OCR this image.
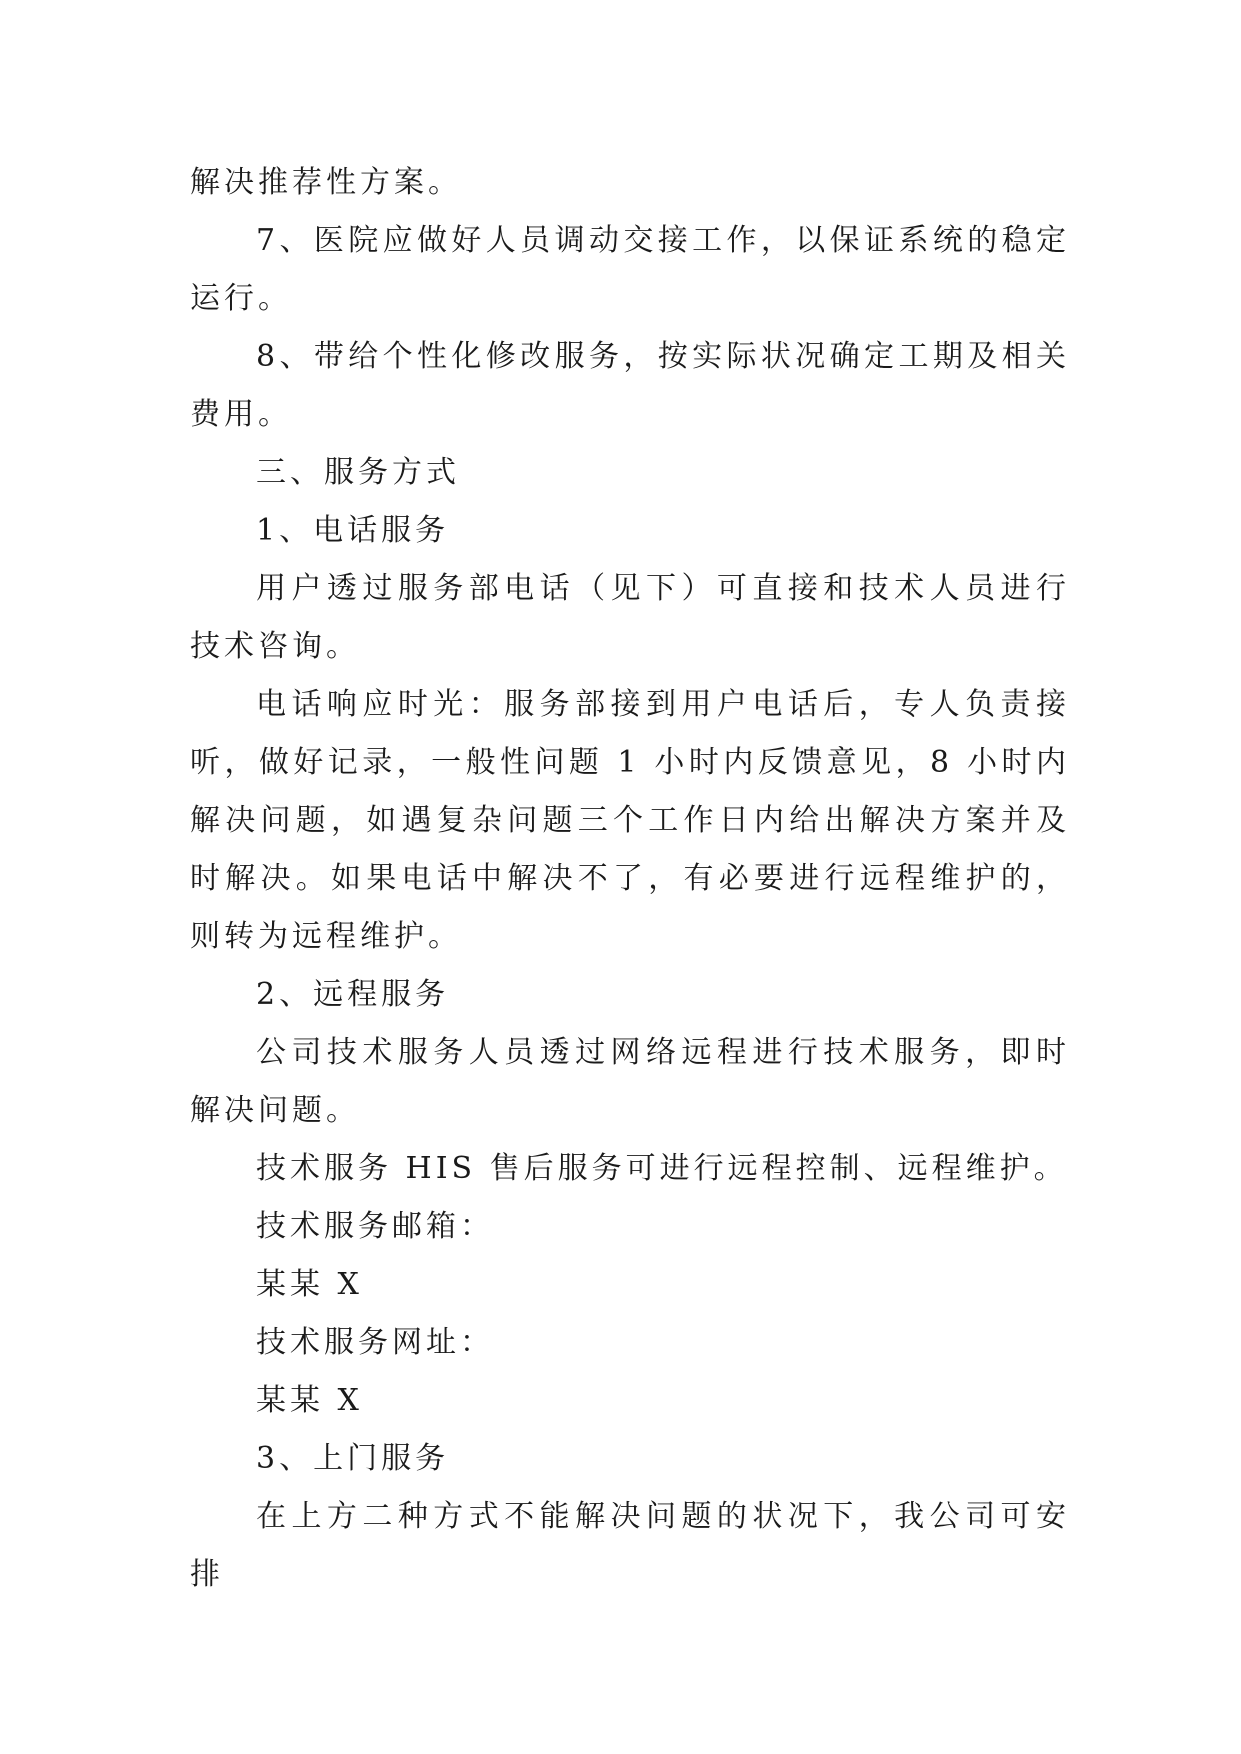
解决推荐性方案。

7、医院应做好人员调动交接工作，以保证系统的稳定运行。

8、带给个性化修改服务，按实际状况确定工期及相关费用。

三、服务方式

1、电话服务

用户透过服务部电话（见下）可直接和技术人员进行技术咨询。

电话响应时光：服务部接到用户电话后，专人负责接听，做好记录，一般性问题 1 小时内反馈意见，8 小时内解决问题，如遇复杂问题三个工作日内给出解决方案并及时解决。如果电话中解决不了，有必要进行远程维护的，则转为远程维护。

2、远程服务

公司技术服务人员透过网络远程进行技术服务，即时解决问题。

技术服务 HIS 售后服务可进行远程控制、远程维护。

技术服务邮箱：

某某 X

技术服务网址：

某某 X

3、上门服务

在上方二种方式不能解决问题的状况下，我公司可安排
